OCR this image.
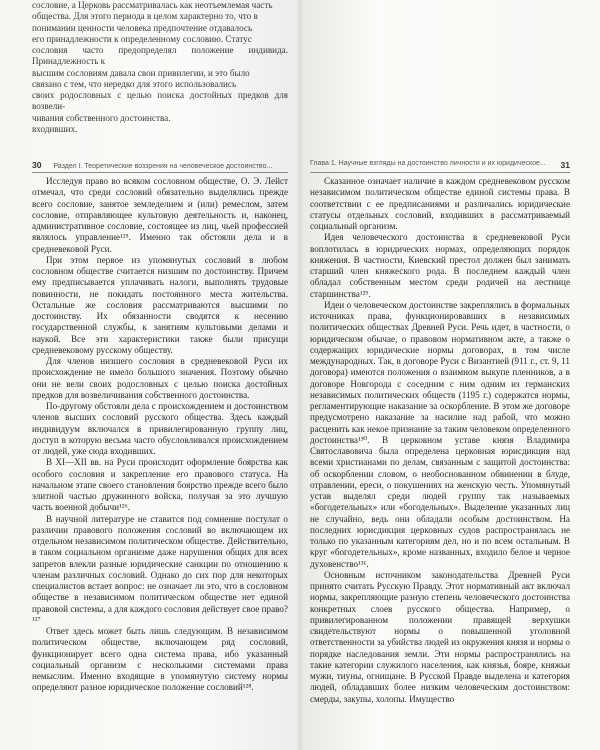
сословие, а Церковь рассматривалась как неотъемлемая часть
общества. Для этого периода в целом характерно то, что в
понимании ценности человека предпочтение отдавалось
его принадлежности к определенному сословию. Статус
сословия часто предопределял положение индивида. Принадлежность к
высшим сословиям давала свои привилегии, и это было
связано с тем, что нередко для этого использовались
своих родословных с целью поиска достойных предков для возвели-
чивания собственного достоинства.
входивших.
30 Раздел I. Теоретические воззрения на человеческое достоинство...	Глава 1. Научные взгляды на достоинство личности и их юридическое... 31

Исследуя право во всяком сословном обществе, О. Э. Лейст отмечал, что среди сословий обязательно выделялись прежде всего сословие, занятое земледелием и (или) ремеслом, затем сословие, отправляющее культовую деятельность и, наконец, административное сословие, состоящее из лиц, чьей профессией являлось управление¹²⁵. Именно так обстояли дела и в средневековой Руси.

При этом первое из упомянутых сословий в любом сословном обществе считается низшим по достоинству. Причем ему предписывается уплачивать налоги, выполнять трудовые повинности, не покидать постоянного места жительства. Остальные же сословия рассматриваются высшими по достоинству. Их обязанности сводятся к несению государственной службы, к занятиям культовыми делами и наукой. Все эти характеристики также были присущи средневековому русскому обществу.

Для членов низшего сословия в средневековой Руси их происхождение не имело большого значения. Поэтому обычно они не вели своих родословных с целью поиска достойных предков для возвеличивания собственного достоинства.

По-другому обстояли дела с происхождением и достоинством членов высших сословий русского общества. Здесь каждый индивидуум включался в привилегированную группу лиц, доступ в которую весьма часто обусловливался происхождением от людей, уже сюда входивших.

В XI—XII вв. на Руси происходит оформление боярства как особого сословия и закрепление его правового статуса. На начальном этапе своего становления боярство прежде всего было элитной частью дружинного войска, получая за это лучшую часть военной добычи¹²⁶.

В научной литературе не ставится под сомнение постулат о различии правового положения сословий во включающем их отдельном независимом политическом обществе. Действительно, в таком социальном организме даже нарушения общих для всех запретов влекли разные юридические санкции по отношению к членам различных сословий. Однако до сих пор для некоторых специалистов встает вопрос: не означает ли это, что в сословном обществе в независимом политическом обществе нет единой правовой системы, а для каждого сословия действует свое право?¹²⁷

Ответ здесь может быть лишь следующим. В независимом политическом обществе, включающем ряд сословий, функционирует всего одна система права, ибо указанный социальный организм с несколькими системами права немыслим. Именно входящие в упомянутую систему нормы определяют разное юридическое положение сословий¹²⁸.

Сказанное означает наличие в каждом средневековом русском независимом политическом обществе единой системы права. В соответствии с ее предписаниями и различались юридические статусы отдельных сословий, входивших в рассматриваемый социальный организм.

Идея человеческого достоинства в средневековой Руси воплотилась в юридических нормах, определяющих порядок княжения. В частности, Киевский престол должен был занимать старший член княжеского рода. В последнем каждый член обладал собственным местом среди родичей на лестнице старшинства¹²⁹.

Идеи о человеческом достоинстве закреплялись в формальных источниках права, функционировавших в независимых политических обществах Древней Руси. Речь идет, в частности, о юридическом обычае, о правовом нормативном акте, а также о содержащих юридические нормы договорах, в том числе международных. Так, в договоре Руси с Византией (911 г., ст. 9, 11 договора) имеются положения о взаимном выкупе пленников, а в договоре Новгорода с соседним с ним одним из германских независимых политических обществ (1195 г.) содержатся нормы, регламентирующие наказание за оскорбление. В этом же договоре предусмотрено наказание за насилие над рабой, что можно расценить как некое признание за таким человеком определенного достоинства¹³⁰. В церковном уставе князя Владимира Святославовича была определена церковная юрисдикция над всеми христианами по делам, связанным с защитой достоинства: об оскорблении словом, о необоснованном обвинении в блуде, отравлении, ереси, о покушениях на женскую честь. Упомянутый устав выделял среди людей группу так называемых «богодетельных» или «богодельных». Выделение указанных лиц не случайно, ведь они обладали особым достоинством. На последних юрисдикция церковных судов распространялась не только по указанным категориям дел, но и по всем остальным. В круг «богодетельных», кроме названных, входило белое и черное духовенство¹³¹.

Основным источником законодательства Древней Руси принято считать Русскую Правду. Этот нормативный акт включал нормы, закрепляющие разную степень человеческого достоинства конкретных слоев русского общества. Например, о привилегированном положении правящей верхушки свидетельствуют нормы о повышенной уголовной ответственности за убийства людей из окружения князя и нормы о порядке наследования земли. Эти нормы распространялись на такие категории служилого населения, как князья, бояре, княжьи мужи, тиуны, огнищане. В Русской Правде выделена и категория людей, обладавших более низким человеческим достоинством: смерды, закупы, холопы. Имущество
